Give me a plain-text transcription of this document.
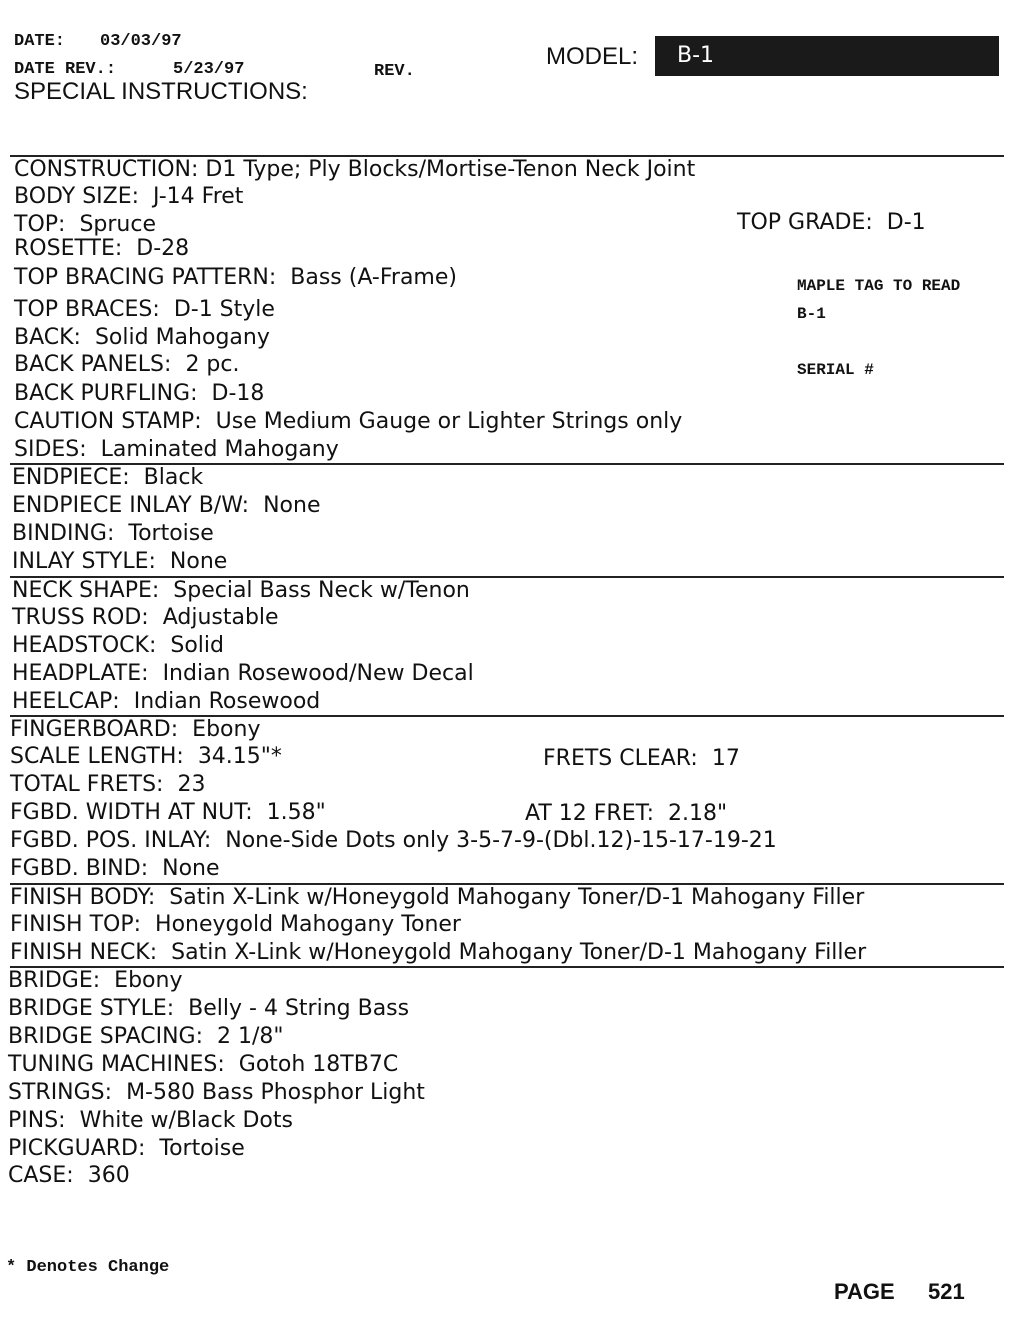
DATE: 03/03/97
DATE REV.:	5/23/97	REV.
MODEL: B-1
SPECIAL INSTRUCTIONS:
CONSTRUCTION: D1 Type; Ply Blocks/Mortise-Tenon Neck Joint
BODY SIZE: J-14 Fret
TOP: Spruce	TOP GRADE: D-1
ROSETTE: D-28
TOP BRACING PATTERN: Bass (A-Frame)
TOP BRACES: D-1 Style
BACK: Solid Mahogany
BACK PANELS: 2 pc.
BACK PURFLING: D-18
CAUTION STAMP: Use Medium Gauge or Lighter Strings only
SIDES: Laminated Mahogany
MAPLE TAG TO READ
B-1
SERIAL #
ENDPIECE: Black
ENDPIECE INLAY B/W: None
BINDING: Tortoise
INLAY STYLE: None
NECK SHAPE: Special Bass Neck w/Tenon
TRUSS ROD: Adjustable
HEADSTOCK: Solid
HEADPLATE: Indian Rosewood/New Decal
HEELCAP: Indian Rosewood
FINGERBOARD: Ebony
SCALE LENGTH: 34.15"*	FRETS CLEAR: 17
TOTAL FRETS: 23
FGBD. WIDTH AT NUT: 1.58"	AT 12 FRET: 2.18"
FGBD. POS. INLAY: None-Side Dots only 3-5-7-9-(Dbl.12)-15-17-19-21
FGBD. BIND: None
FINISH BODY: Satin X-Link w/Honeygold Mahogany Toner/D-1 Mahogany Filler
FINISH TOP: Honeygold Mahogany Toner
FINISH NECK: Satin X-Link w/Honeygold Mahogany Toner/D-1 Mahogany Filler
BRIDGE: Ebony
BRIDGE STYLE: Belly - 4 String Bass
BRIDGE SPACING: 2 1/8"
TUNING MACHINES: Gotoh 18TB7C
STRINGS: M-580 Bass Phosphor Light
PINS: White w/Black Dots
PICKGUARD: Tortoise
CASE: 360
* Denotes Change
PAGE 521
